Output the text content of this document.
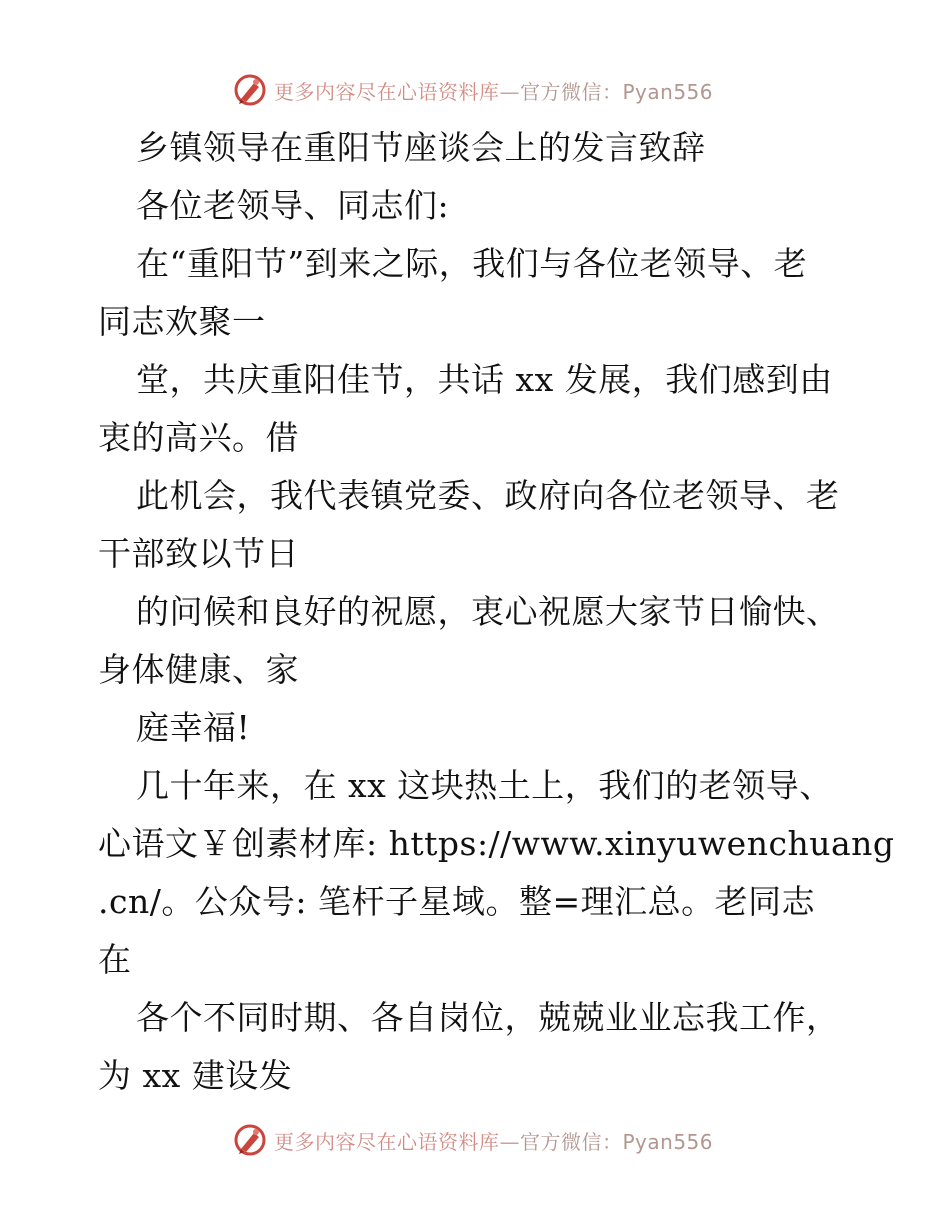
更多内容尽在心语资料库—官方微信：Pyan556
乡镇领导在重阳节座谈会上的发言致辞
各位老领导、同志们:
在“重阳节”到来之际，我们与各位老领导、老
同志欢聚一
堂，共庆重阳佳节，共话 xx 发展，我们感到由
衷的高兴。借
此机会，我代表镇党委、政府向各位老领导、老
干部致以节日
的问候和良好的祝愿，衷心祝愿大家节日愉快、
身体健康、家
庭幸福!
几十年来，在 xx 这块热土上，我们的老领导、
心语文￥创素材库: https://www.xinyuwenchuang
.cn/。公众号: 笔杆子星域。整=理汇总。老同志
在
各个不同时期、各自岗位，兢兢业业忘我工作，
为 xx 建设发
更多内容尽在心语资料库—官方微信：Pyan556
